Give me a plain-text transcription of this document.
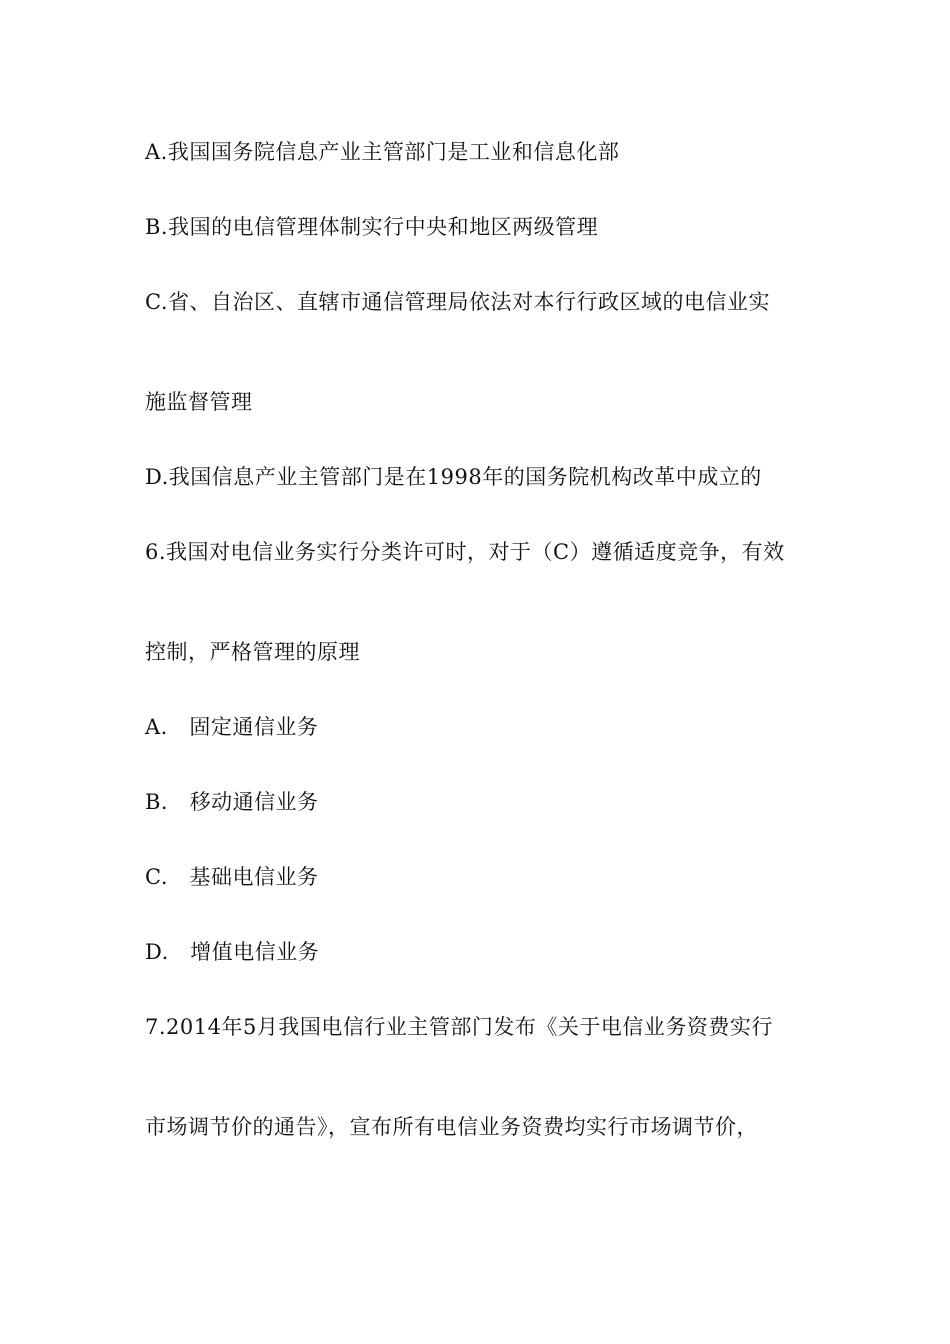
A.我国国务院信息产业主管部门是工业和信息化部
B.我国的电信管理体制实行中央和地区两级管理
C.省、自治区、直辖市通信管理局依法对本行行政区域的电信业实
施监督管理
D.我国信息产业主管部门是在1998年的国务院机构改革中成立的
6.我国对电信业务实行分类许可时，对于（C）遵循适度竞争，有效
控制，严格管理的原理
A.　固定通信业务
B.　移动通信业务
C.　基础电信业务
D.　增值电信业务
7.2014年5月我国电信行业主管部门发布《关于电信业务资费实行
市场调节价的通告》，宣布所有电信业务资费均实行市场调节价，
